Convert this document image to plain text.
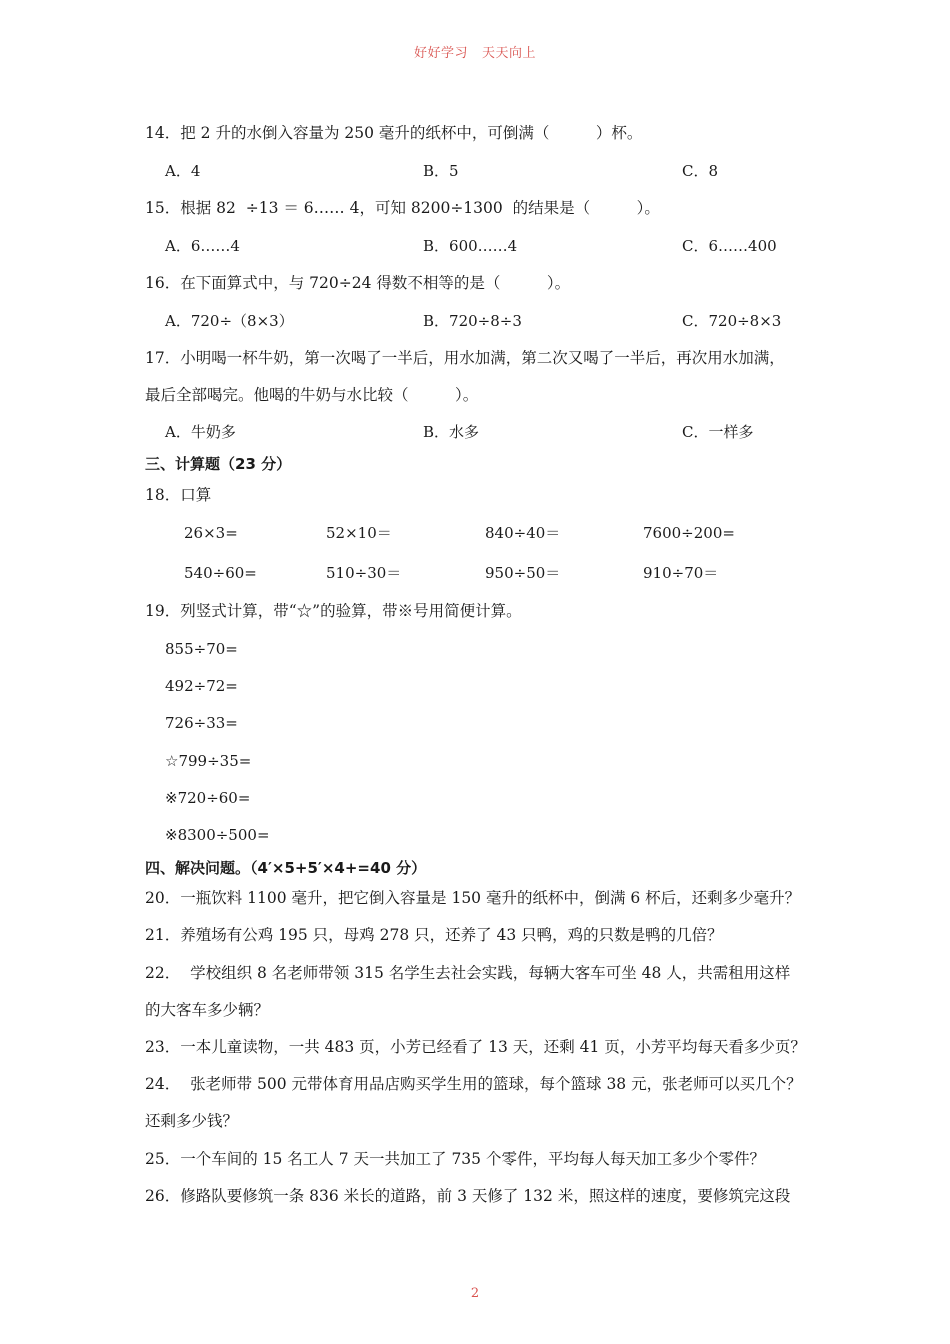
好好学习   天天向上
14．把 2 升的水倒入容量为 250 毫升的纸杯中，可倒满（　　　）杯。
A．4	B．5	C．8
15．根据 82  ÷13 ＝ 6…… 4，可知 8200÷1300  的结果是（　　　）。
A．6……4	B．600……4	C．6……400
16．在下面算式中，与 720÷24 得数不相等的是（　　　）。
A．720÷（8×3）	B．720÷8÷3	C．720÷8×3
17．小明喝一杯牛奶，第一次喝了一半后，用水加满，第二次又喝了一半后，再次用水加满，
最后全部喝完。他喝的牛奶与水比较（　　　）。
A．牛奶多	B．水多	C．一样多
三、计算题（23 分）
18．口算
26×3=	52×10＝	840÷40＝	7600÷200=
540÷60=	510÷30＝	950÷50＝	910÷70＝
19．列竖式计算，带“☆”的验算，带※号用简便计算。
855÷70=
492÷72=
726÷33=
☆799÷35=
※720÷60=
※8300÷500=
四、解决问题。（4′×5+5′×4+=40 分）
20．一瓶饮料 1100 毫升，把它倒入容量是 150 毫升的纸杯中，倒满 6 杯后，还剩多少毫升？
21．养殖场有公鸡 195 只，母鸡 278 只，还养了 43 只鸭，鸡的只数是鸭的几倍？
22．  学校组织 8 名老师带领 315 名学生去社会实践，每辆大客车可坐 48 人，共需租用这样
的大客车多少辆？
23．一本儿童读物，一共 483 页，小芳已经看了 13 天，还剩 41 页，小芳平均每天看多少页？
24．  张老师带 500 元带体育用品店购买学生用的篮球，每个篮球 38 元，张老师可以买几个？
还剩多少钱？
25．一个车间的 15 名工人 7 天一共加工了 735 个零件，平均每人每天加工多少个零件？
26．修路队要修筑一条 836 米长的道路，前 3 天修了 132 米，照这样的速度，要修筑完这段
2
